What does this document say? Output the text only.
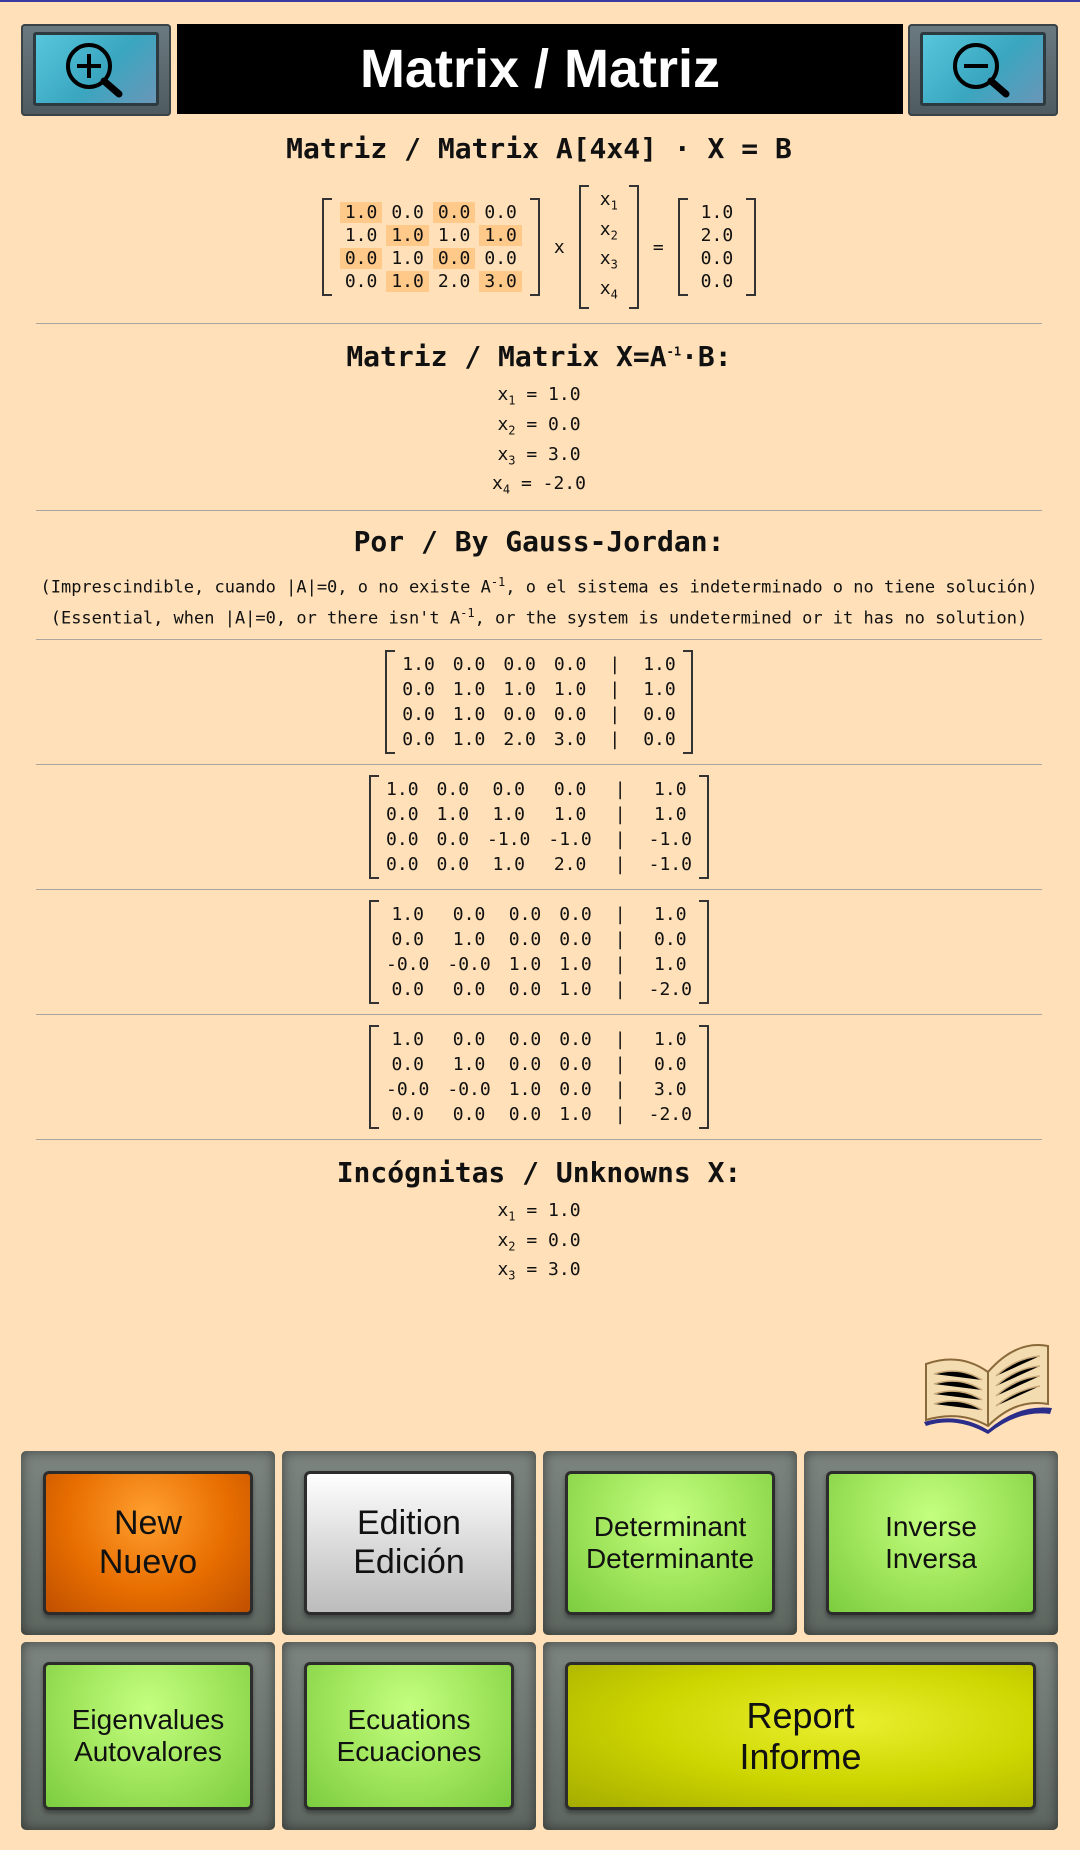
Matrix / Matriz
Matriz / Matrix A[4x4] · X = B
1.0	0.0	0.0	0.0
1.0	1.0	1.0	1.0
0.0	1.0	0.0	0.0
0.0	1.0	2.0	3.0
x
$x_1$
$x_2$
$x_3$
$x_4$
=
1.0
2.0
0.0
0.0
Matriz / Matrix $X=A^{-1}\cdot B$:
$x_1 = 1.0$
$x_2 = 0.0$
$x_3 = 3.0$
$x_4 = -2.0$
Por / By Gauss-Jordan:
(Imprescindible, cuando |A|=0, o no existe $A^{-1}$, o el sistema es indeterminado o no tiene solución)
(Essential, when |A|=0, or there isn't $A^{-1}$, or the system is undetermined or it has no solution)
1.0	0.0	0.0	0.0	|	1.0
0.0	1.0	1.0	1.0	|	1.0
0.0	1.0	0.0	0.0	|	0.0
0.0	1.0	2.0	3.0	|	0.0
1.0	0.0	0.0	0.0	|	1.0
0.0	1.0	1.0	1.0	|	1.0
0.0	0.0	-1.0	-1.0	|	-1.0
0.0	0.0	1.0	2.0	|	-1.0
1.0	0.0	0.0	0.0	|	1.0
0.0	1.0	0.0	0.0	|	0.0
-0.0	-0.0	1.0	1.0	|	1.0
0.0	0.0	0.0	1.0	|	-2.0
1.0	0.0	0.0	0.0	|	1.0
0.0	1.0	0.0	0.0	|	0.0
-0.0	-0.0	1.0	0.0	|	3.0
0.0	0.0	0.0	1.0	|	-2.0
Incógnitas / Unknowns X:
$x_1 = 1.0$
$x_2 = 0.0$
$x_3 = 3.0$
New
Nuevo
Edition
Edición
Determinant
Determinante
Inverse
Inversa
Eigenvalues
Autovalores
Ecuations
Ecuaciones
Report
Informe
